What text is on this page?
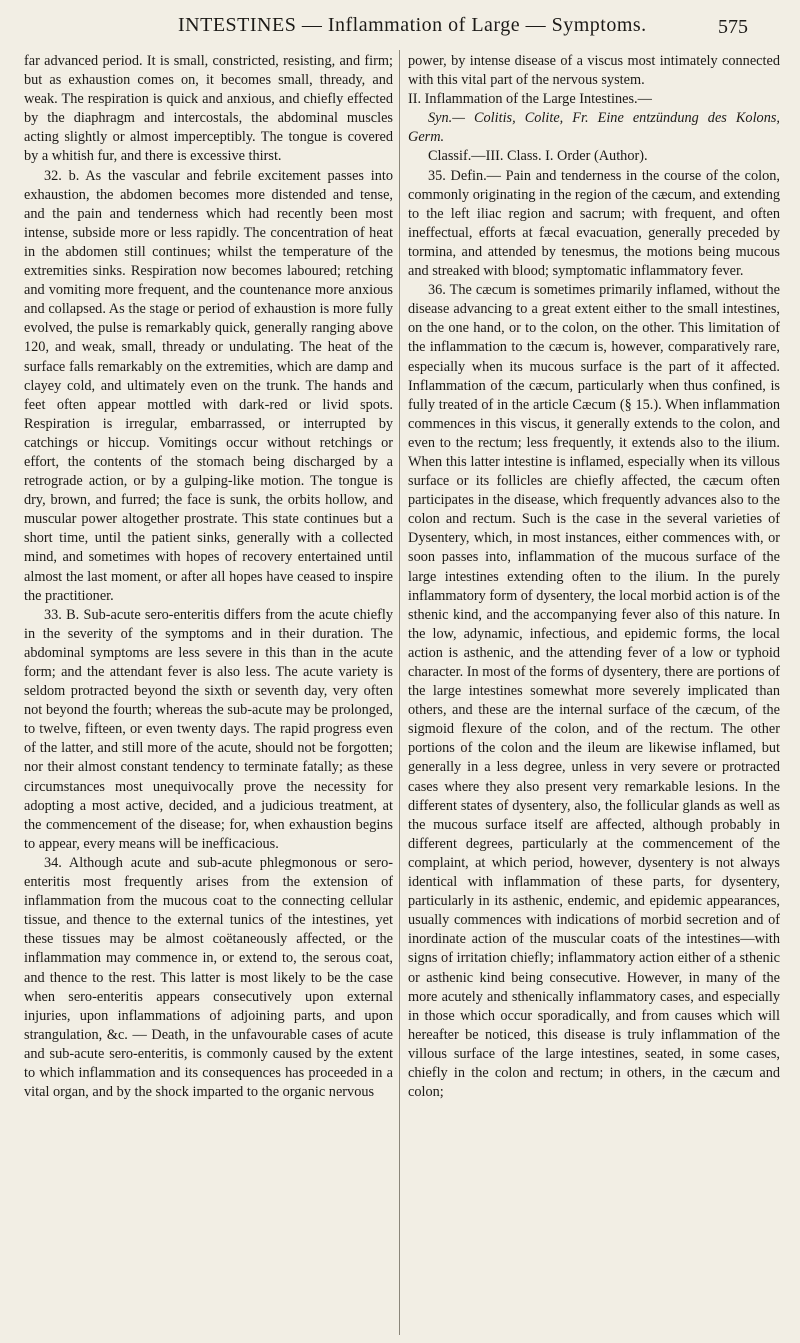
INTESTINES — Inflammation of Large — Symptoms.	575

far advanced period. It is small, constricted, resisting, and firm; but as exhaustion comes on, it becomes small, thready, and weak. The respiration is quick and anxious, and chiefly effected by the diaphragm and intercostals, the abdominal muscles acting slightly or almost imperceptibly. The tongue is covered by a whitish fur, and there is excessive thirst.

32. b. As the vascular and febrile excitement passes into exhaustion, the abdomen becomes more distended and tense, and the pain and tenderness which had recently been most intense, subside more or less rapidly. The concentration of heat in the abdomen still continues; whilst the temperature of the extremities sinks. Respiration now becomes laboured; retching and vomiting more frequent, and the countenance more anxious and collapsed. As the stage or period of exhaustion is more fully evolved, the pulse is remarkably quick, generally ranging above 120, and weak, small, thready or undulating. The heat of the surface falls remarkably on the extremities, which are damp and clayey cold, and ultimately even on the trunk. The hands and feet often appear mottled with dark-red or livid spots. Respiration is irregular, embarrassed, or interrupted by catchings or hiccup. Vomitings occur without retchings or effort, the contents of the stomach being discharged by a retrograde action, or by a gulping-like motion. The tongue is dry, brown, and furred; the face is sunk, the orbits hollow, and muscular power altogether prostrate. This state continues but a short time, until the patient sinks, generally with a collected mind, and sometimes with hopes of recovery entertained until almost the last moment, or after all hopes have ceased to inspire the practitioner.

33. B. Sub-acute sero-enteritis differs from the acute chiefly in the severity of the symptoms and in their duration. The abdominal symptoms are less severe in this than in the acute form; and the attendant fever is also less. The acute variety is seldom protracted beyond the sixth or seventh day, very often not beyond the fourth; whereas the sub-acute may be prolonged, to twelve, fifteen, or even twenty days. The rapid progress even of the latter, and still more of the acute, should not be forgotten; nor their almost constant tendency to terminate fatally; as these circumstances most unequivocally prove the necessity for adopting a most active, decided, and a judicious treatment, at the commencement of the disease; for, when exhaustion begins to appear, every means will be inefficacious.

34. Although acute and sub-acute phlegmonous or sero-enteritis most frequently arises from the extension of inflammation from the mucous coat to the connecting cellular tissue, and thence to the external tunics of the intestines, yet these tissues may be almost coëtaneously affected, or the inflammation may commence in, or extend to, the serous coat, and thence to the rest. This latter is most likely to be the case when sero-enteritis appears consecutively upon external injuries, upon inflammations of adjoining parts, and upon strangulation, &c. — Death, in the unfavourable cases of acute and sub-acute sero-enteritis, is commonly caused by the extent to which inflammation and its consequences has proceeded in a vital organ, and by the shock imparted to the organic nervous

power, by intense disease of a viscus most intimately connected with this vital part of the nervous system.

II. Inflammation of the Large Intestines.—

Syn.— Colitis, Colite, Fr. Eine entzündung des Kolons, Germ.

Classif.—III. Class. I. Order (Author).

35. Defin.— Pain and tenderness in the course of the colon, commonly originating in the region of the cæcum, and extending to the left iliac region and sacrum; with frequent, and often ineffectual, efforts at fæcal evacuation, generally preceded by tormina, and attended by tenesmus, the motions being mucous and streaked with blood; symptomatic inflammatory fever.

36. The cæcum is sometimes primarily inflamed, without the disease advancing to a great extent either to the small intestines, on the one hand, or to the colon, on the other. This limitation of the inflammation to the cæcum is, however, comparatively rare, especially when its mucous surface is the part of it affected. Inflammation of the cæcum, particularly when thus confined, is fully treated of in the article Cæcum (§ 15.). When inflammation commences in this viscus, it generally extends to the colon, and even to the rectum; less frequently, it extends also to the ilium. When this latter intestine is inflamed, especially when its villous surface or its follicles are chiefly affected, the cæcum often participates in the disease, which frequently advances also to the colon and rectum. Such is the case in the several varieties of Dysentery, which, in most instances, either commences with, or soon passes into, inflammation of the mucous surface of the large intestines extending often to the ilium. In the purely inflammatory form of dysentery, the local morbid action is of the sthenic kind, and the accompanying fever also of this nature. In the low, adynamic, infectious, and epidemic forms, the local action is asthenic, and the attending fever of a low or typhoid character. In most of the forms of dysentery, there are portions of the large intestines somewhat more severely implicated than others, and these are the internal surface of the cæcum, of the sigmoid flexure of the colon, and of the rectum. The other portions of the colon and the ileum are likewise inflamed, but generally in a less degree, unless in very severe or protracted cases where they also present very remarkable lesions. In the different states of dysentery, also, the follicular glands as well as the mucous surface itself are affected, although probably in different degrees, particularly at the commencement of the complaint, at which period, however, dysentery is not always identical with inflammation of these parts, for dysentery, particularly in its asthenic, endemic, and epidemic appearances, usually commences with indications of morbid secretion and of inordinate action of the muscular coats of the intestines—with signs of irritation chiefly; inflammatory action either of a sthenic or asthenic kind being consecutive. However, in many of the more acutely and sthenically inflammatory cases, and especially in those which occur sporadically, and from causes which will hereafter be noticed, this disease is truly inflammation of the villous surface of the large intestines, seated, in some cases, chiefly in the colon and rectum; in others, in the cæcum and colon;
